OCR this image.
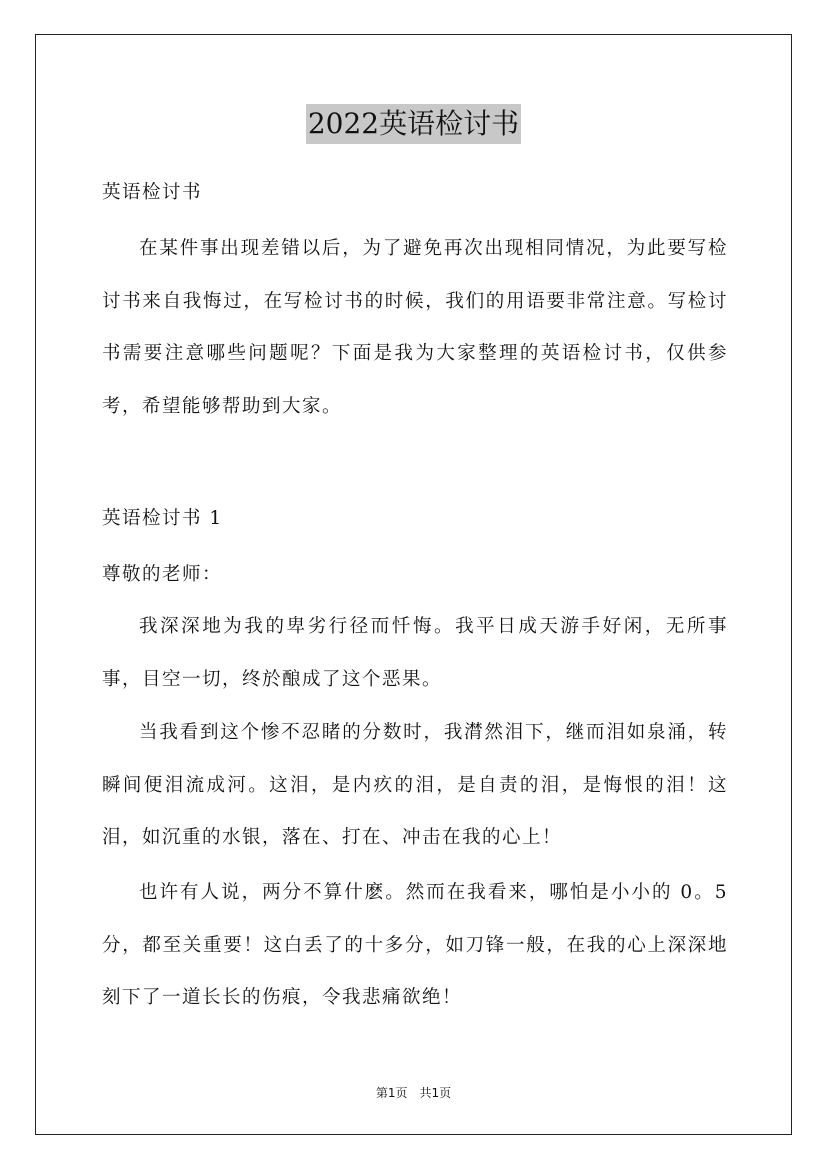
2022英语检讨书
英语检讨书
在某件事出现差错以后，为了避免再次出现相同情况，为此要写检讨书来自我悔过，在写检讨书的时候，我们的用语要非常注意。写检讨书需要注意哪些问题呢？下面是我为大家整理的英语检讨书，仅供参考，希望能够帮助到大家。
英语检讨书 1
尊敬的老师：
我深深地为我的卑劣行径而忏悔。我平日成天游手好闲，无所事事，目空一切，终於酿成了这个恶果。
当我看到这个惨不忍睹的分数时，我潸然泪下，继而泪如泉涌，转瞬间便泪流成河。这泪，是内疚的泪，是自责的泪，是悔恨的泪！这泪，如沉重的水银，落在、打在、冲击在我的心上！
也许有人说，两分不算什麽。然而在我看来，哪怕是小小的 0。5 分，都至关重要！这白丢了的十多分，如刀锋一般，在我的心上深深地刻下了一道长长的伤痕，令我悲痛欲绝！
第1页　共1页
